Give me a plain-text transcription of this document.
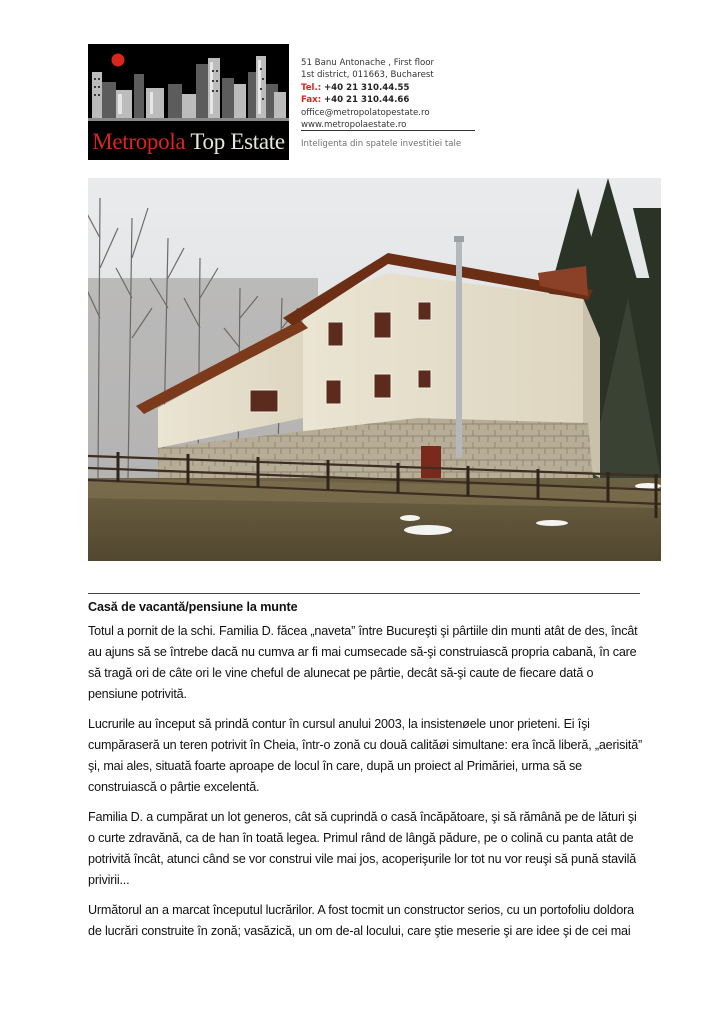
Metropola Top Estate
51 Banu Antonache , First floor
1st district, 011663, Bucharest
Tel.: +40 21 310.44.55
Fax: +40 21 310.44.66
office@metropolatopestate.ro
www.metropolaestate.ro
Inteligenta din spatele investitiei tale
Casă de vacantă/pensiune la munte

Totul a pornit de la schi. Familia D. făcea „naveta” între Bucureşti şi pârtiile din munti atât de des, încât
au ajuns să se întrebe dacă nu cumva ar fi mai cumsecade să-şi construiască propria cabană, în care
să tragă ori de câte ori le vine cheful de alunecat pe pârtie, decât să-şi caute de fiecare dată o
pensiune potrivită.

Lucrurile au început să prindă contur în cursul anului 2003, la insistenøele unor prieteni. Ei îşi
cumpăraseră un teren potrivit în Cheia, într-o zonă cu două calităøi simultane: era încă liberă, „aerisită”
şi, mai ales, situată foarte aproape de locul în care, după un proiect al Primăriei, urma să se
construiască o pârtie excelentă.

Familia D. a cumpărat un lot generos, cât să cuprindă o casă încăpătoare, şi să rămână pe de lături şi
o curte zdravănă, ca de han în toată legea. Primul rând de lângă pădure, pe o colină cu panta atât de
potrivită încât, atunci când se vor construi vile mai jos, acoperişurile lor tot nu vor reuşi să pună stavilă
privirii...

Următorul an a marcat începutul lucrărilor. A fost tocmit un constructor serios, cu un portofoliu doldora
de lucrări construite în zonă; vasăzică, un om de-al locului, care ştie meserie şi are idee şi de cei mai
